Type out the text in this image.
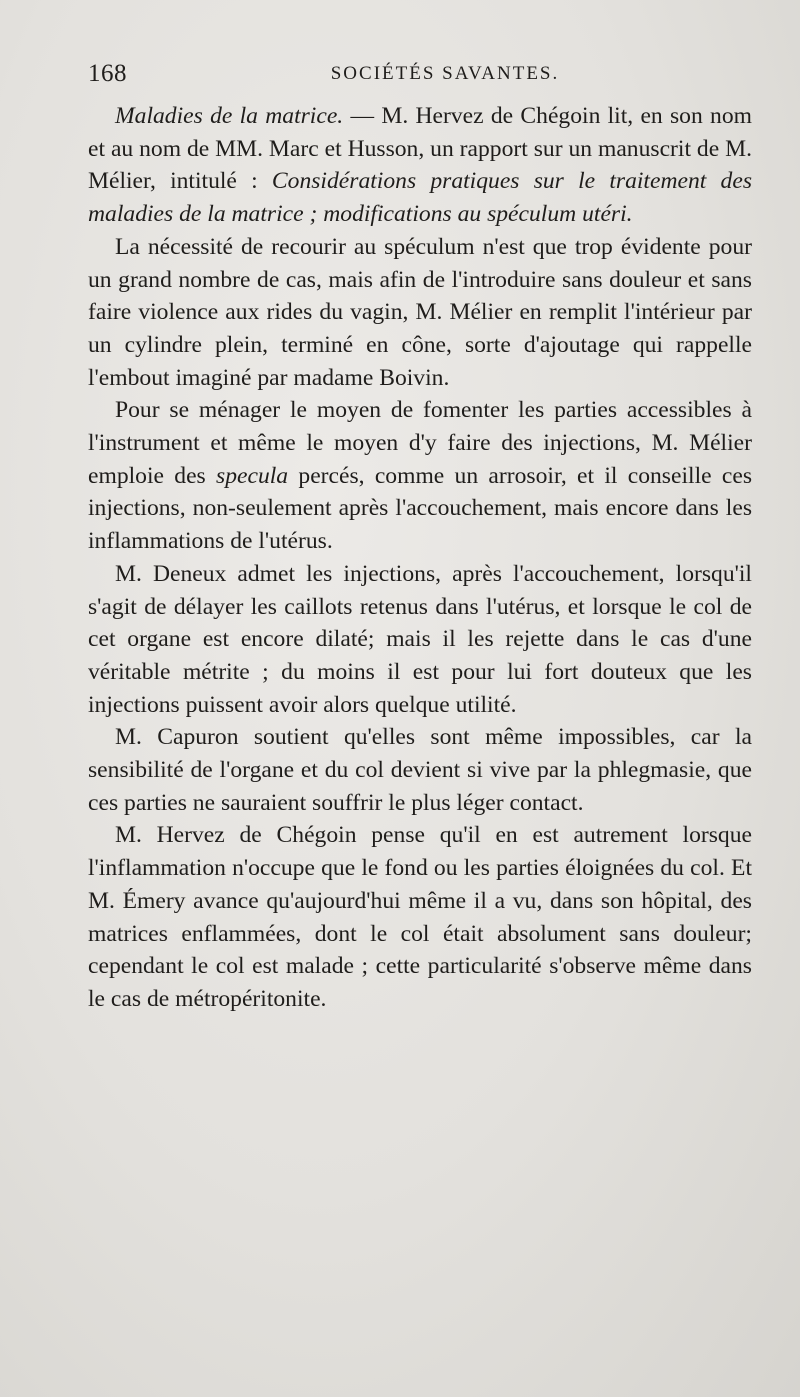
168	SOCIÉTÉS SAVANTES.

Maladies de la matrice. — M. Hervez de Chégoin lit, en son nom et au nom de MM. Marc et Husson, un rapport sur un manuscrit de M. Mélier, intitulé : Considérations pratiques sur le traitement des maladies de la matrice ; modifications au spéculum utéri.

La nécessité de recourir au spéculum n'est que trop évidente pour un grand nombre de cas, mais afin de l'introduire sans douleur et sans faire violence aux rides du vagin, M. Mélier en remplit l'intérieur par un cylindre plein, terminé en cône, sorte d'ajoutage qui rappelle l'embout imaginé par madame Boivin.

Pour se ménager le moyen de fomenter les parties accessibles à l'instrument et même le moyen d'y faire des injections, M. Mélier emploie des specula percés, comme un arrosoir, et il conseille ces injections, non-seulement après l'accouchement, mais encore dans les inflammations de l'utérus.

M. Deneux admet les injections, après l'accouchement, lorsqu'il s'agit de délayer les caillots retenus dans l'utérus, et lorsque le col de cet organe est encore dilaté; mais il les rejette dans le cas d'une véritable métrite ; du moins il est pour lui fort douteux que les injections puissent avoir alors quelque utilité.

M. Capuron soutient qu'elles sont même impossibles, car la sensibilité de l'organe et du col devient si vive par la phlegmasie, que ces parties ne sauraient souffrir le plus léger contact.

M. Hervez de Chégoin pense qu'il en est autrement lorsque l'inflammation n'occupe que le fond ou les parties éloignées du col. Et M. Émery avance qu'aujourd'hui même il a vu, dans son hôpital, des matrices enflammées, dont le col était absolument sans douleur; cependant le col est malade ; cette particularité s'observe même dans le cas de métropéritonite.
